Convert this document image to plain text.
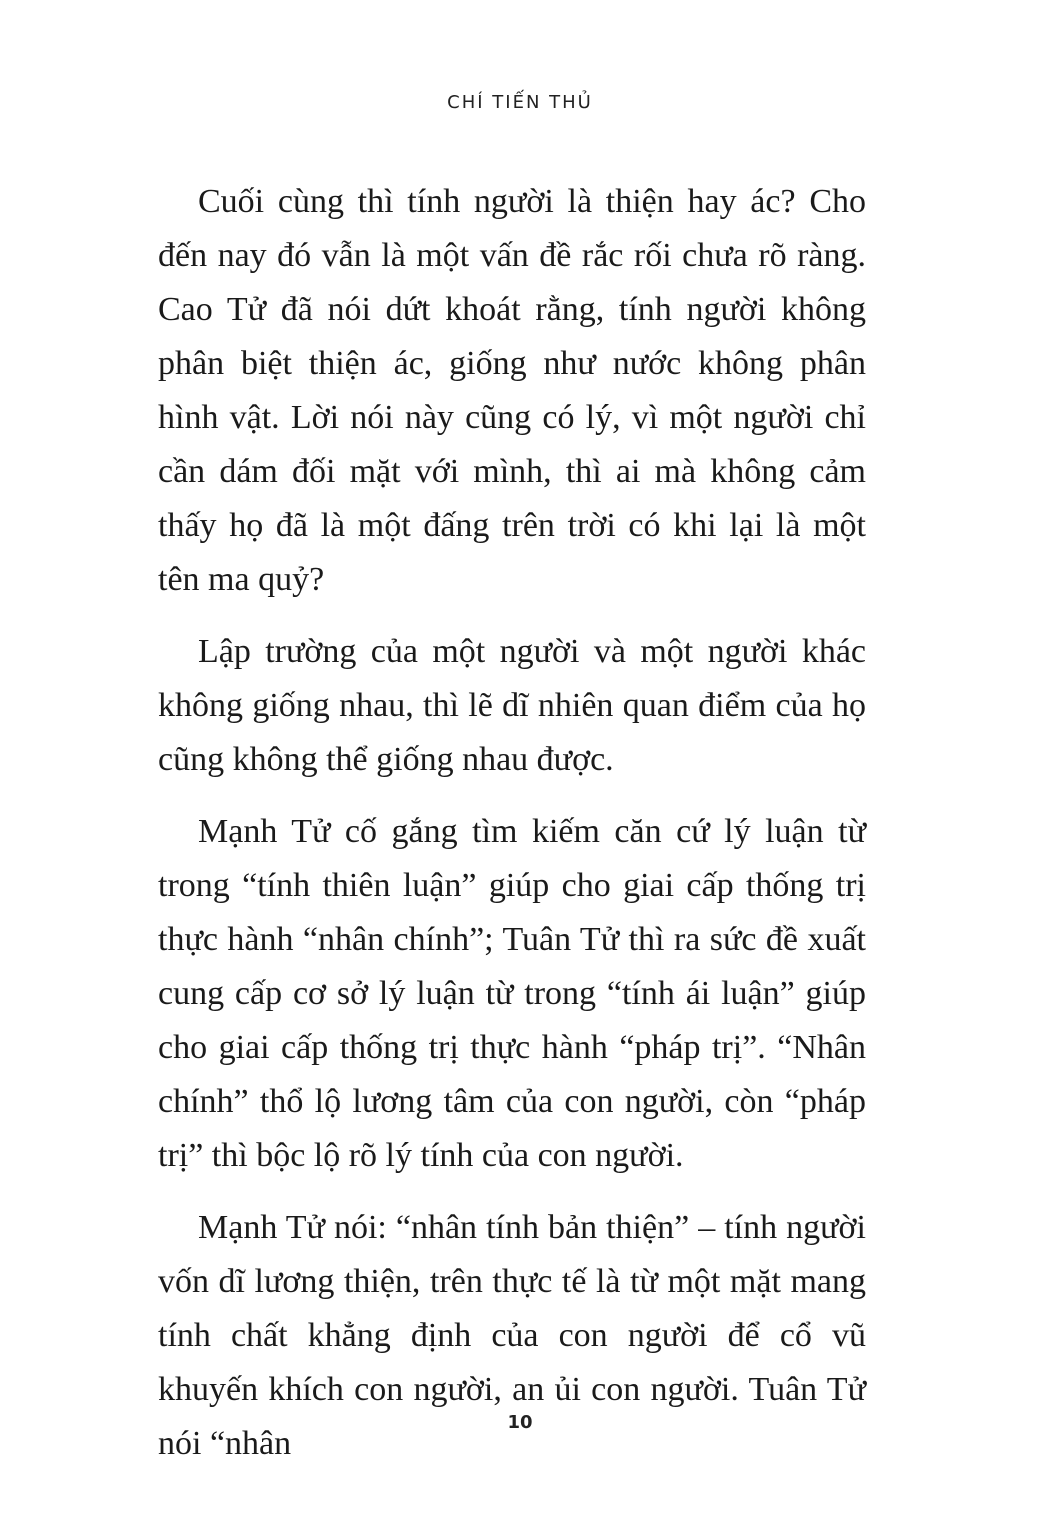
CHÍ TIẾN THỦ

Cuối cùng thì tính người là thiện hay ác? Cho đến nay đó vẫn là một vấn đề rắc rối chưa rõ ràng. Cao Tử đã nói dứt khoát rằng, tính người không phân biệt thiện ác, giống như nước không phân hình vật. Lời nói này cũng có lý, vì một người chỉ cần dám đối mặt với mình, thì ai mà không cảm thấy họ đã là một đấng trên trời có khi lại là một tên ma quỷ?

Lập trường của một người và một người khác không giống nhau, thì lẽ dĩ nhiên quan điểm của họ cũng không thể giống nhau được.

Mạnh Tử cố gắng tìm kiếm căn cứ lý luận từ trong “tính thiên luận” giúp cho giai cấp thống trị thực hành “nhân chính”; Tuân Tử thì ra sức đề xuất cung cấp cơ sở lý luận từ trong “tính ái luận” giúp cho giai cấp thống trị thực hành “pháp trị”. “Nhân chính” thổ lộ lương tâm của con người, còn “pháp trị” thì bộc lộ rõ lý tính của con người.

Mạnh Tử nói: “nhân tính bản thiện” – tính người vốn dĩ lương thiện, trên thực tế là từ một mặt mang tính chất khẳng định của con người để cổ vũ khuyến khích con người, an ủi con người. Tuân Tử nói “nhân

10
